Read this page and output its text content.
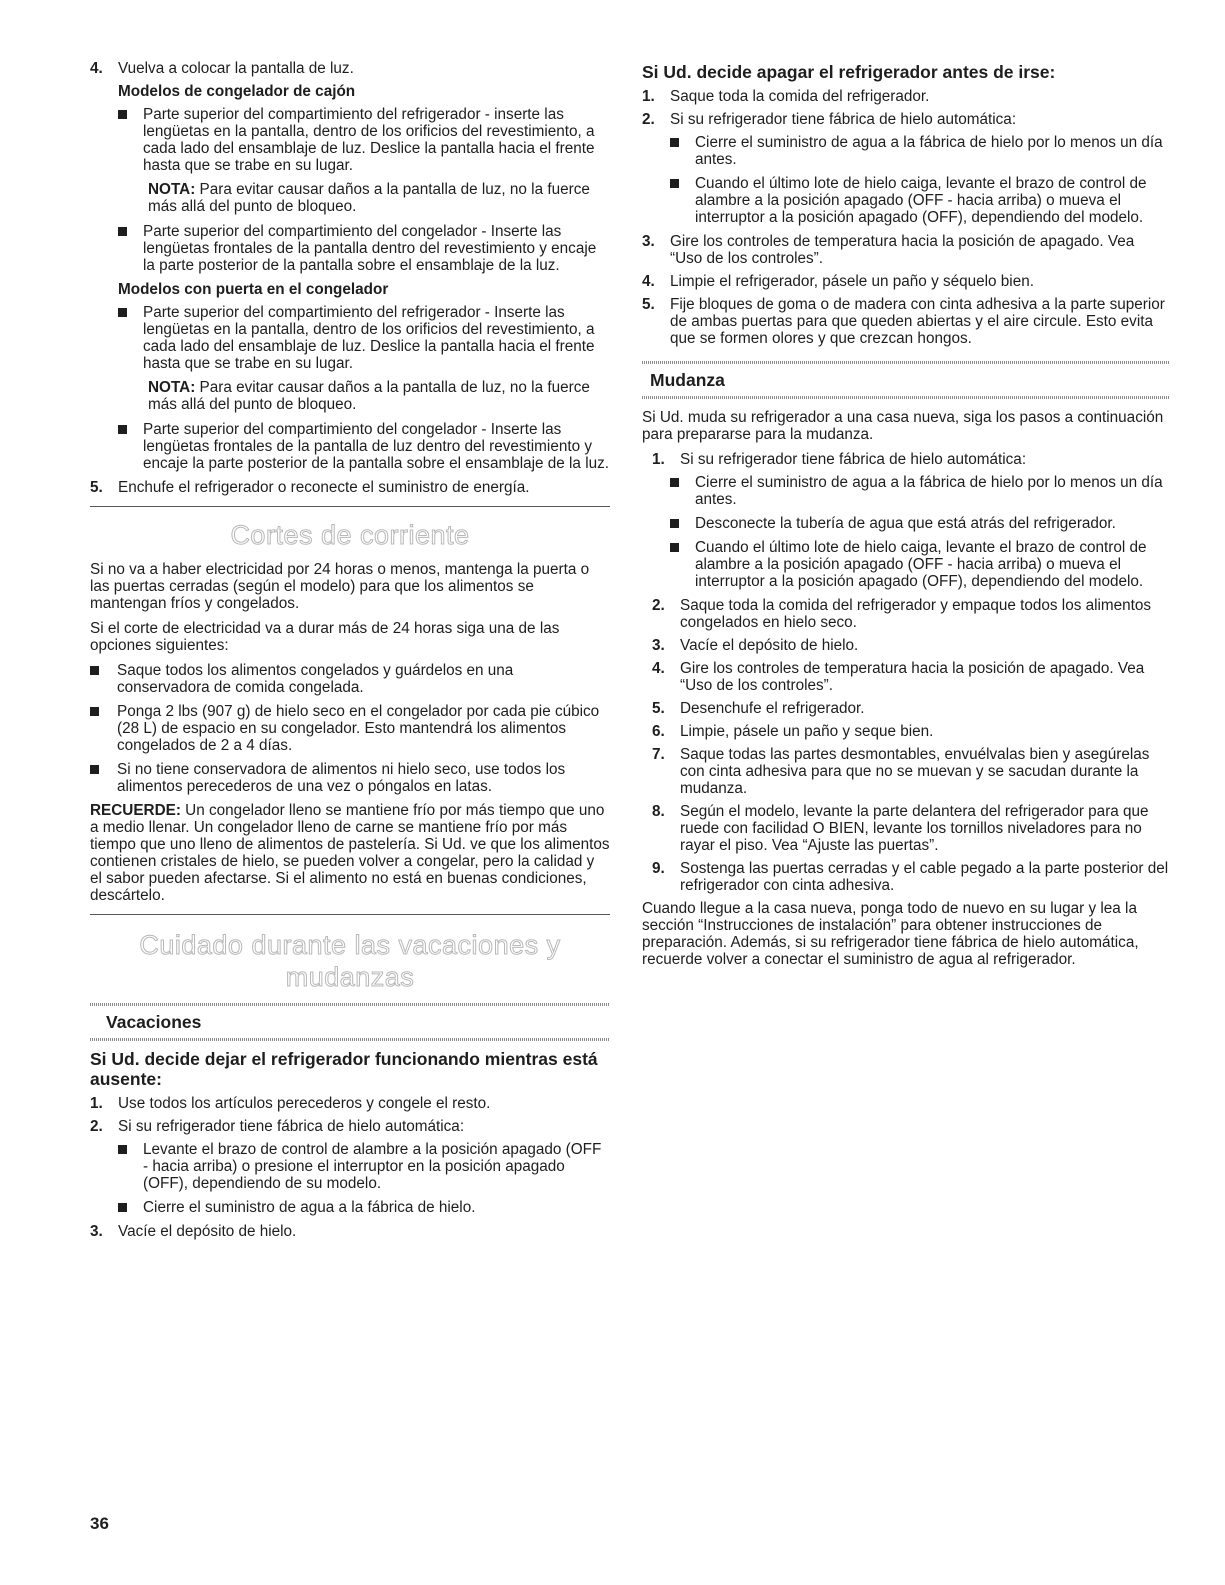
4. Vuelva a colocar la pantalla de luz.
Modelos de congelador de cajón
Parte superior del compartimiento del refrigerador - inserte las lengüetas en la pantalla, dentro de los orificios del revestimiento, a cada lado del ensamblaje de luz. Deslice la pantalla hacia el frente hasta que se trabe en su lugar.

NOTA: Para evitar causar daños a la pantalla de luz, no la fuerce más allá del punto de bloqueo.

Parte superior del compartimiento del congelador - Inserte las lengüetas frontales de la pantalla dentro del revestimiento y encaje la parte posterior de la pantalla sobre el ensamblaje de la luz.
Modelos con puerta en el congelador
Parte superior del compartimiento del refrigerador - Inserte las lengüetas en la pantalla, dentro de los orificios del revestimiento, a cada lado del ensamblaje de luz. Deslice la pantalla hacia el frente hasta que se trabe en su lugar.

NOTA: Para evitar causar daños a la pantalla de luz, no la fuerce más allá del punto de bloqueo.

Parte superior del compartimiento del congelador - Inserte las lengüetas frontales de la pantalla de luz dentro del revestimiento y encaje la parte posterior de la pantalla sobre el ensamblaje de la luz.
5. Enchufe el refrigerador o reconecte el suministro de energía.
Cortes de corriente

Si no va a haber electricidad por 24 horas o menos, mantenga la puerta o las puertas cerradas (según el modelo) para que los alimentos se mantengan fríos y congelados.

Si el corte de electricidad va a durar más de 24 horas siga una de las opciones siguientes:

Saque todos los alimentos congelados y guárdelos en una conservadora de comida congelada.
Ponga 2 lbs (907 g) de hielo seco en el congelador por cada pie cúbico (28 L) de espacio en su congelador. Esto mantendrá los alimentos congelados de 2 a 4 días.
Si no tiene conservadora de alimentos ni hielo seco, use todos los alimentos perecederos de una vez o póngalos en latas.

RECUERDE: Un congelador lleno se mantiene frío por más tiempo que uno a medio llenar. Un congelador lleno de carne se mantiene frío por más tiempo que uno lleno de alimentos de pastelería. Si Ud. ve que los alimentos contienen cristales de hielo, se pueden volver a congelar, pero la calidad y el sabor pueden afectarse. Si el alimento no está en buenas condiciones, descártelo.

Cuidado durante las vacaciones y
mudanzas
Vacaciones
Si Ud. decide dejar el refrigerador funcionando mientras está ausente:
1. Use todos los artículos perecederos y congele el resto.
2. Si su refrigerador tiene fábrica de hielo automática:
Levante el brazo de control de alambre a la posición apagado (OFF - hacia arriba) o presione el interruptor en la posición apagado (OFF), dependiendo de su modelo.
Cierre el suministro de agua a la fábrica de hielo.
3. Vacíe el depósito de hielo.
Si Ud. decide apagar el refrigerador antes de irse:
1. Saque toda la comida del refrigerador.
2. Si su refrigerador tiene fábrica de hielo automática:
Cierre el suministro de agua a la fábrica de hielo por lo menos un día antes.
Cuando el último lote de hielo caiga, levante el brazo de control de alambre a la posición apagado (OFF - hacia arriba) o mueva el interruptor a la posición apagado (OFF), dependiendo del modelo.
3. Gire los controles de temperatura hacia la posición de apagado. Vea “Uso de los controles”.
4. Limpie el refrigerador, pásele un paño y séquelo bien.
5. Fije bloques de goma o de madera con cinta adhesiva a la parte superior de ambas puertas para que queden abiertas y el aire circule. Esto evita que se formen olores y que crezcan hongos.
Mudanza

Si Ud. muda su refrigerador a una casa nueva, siga los pasos a continuación para prepararse para la mudanza.

1. Si su refrigerador tiene fábrica de hielo automática:
Cierre el suministro de agua a la fábrica de hielo por lo menos un día antes.
Desconecte la tubería de agua que está atrás del refrigerador.
Cuando el último lote de hielo caiga, levante el brazo de control de alambre a la posición apagado (OFF - hacia arriba) o mueva el interruptor a la posición apagado (OFF), dependiendo del modelo.
2. Saque toda la comida del refrigerador y empaque todos los alimentos congelados en hielo seco.
3. Vacíe el depósito de hielo.
4. Gire los controles de temperatura hacia la posición de apagado. Vea “Uso de los controles”.
5. Desenchufe el refrigerador.
6. Limpie, pásele un paño y seque bien.
7. Saque todas las partes desmontables, envuélvalas bien y asegúrelas con cinta adhesiva para que no se muevan y se sacudan durante la mudanza.
8. Según el modelo, levante la parte delantera del refrigerador para que ruede con facilidad O BIEN, levante los tornillos niveladores para no rayar el piso. Vea “Ajuste las puertas”.
9. Sostenga las puertas cerradas y el cable pegado a la parte posterior del refrigerador con cinta adhesiva.

Cuando llegue a la casa nueva, ponga todo de nuevo en su lugar y lea la sección “Instrucciones de instalación” para obtener instrucciones de preparación. Además, si su refrigerador tiene fábrica de hielo automática, recuerde volver a conectar el suministro de agua al refrigerador.

36
